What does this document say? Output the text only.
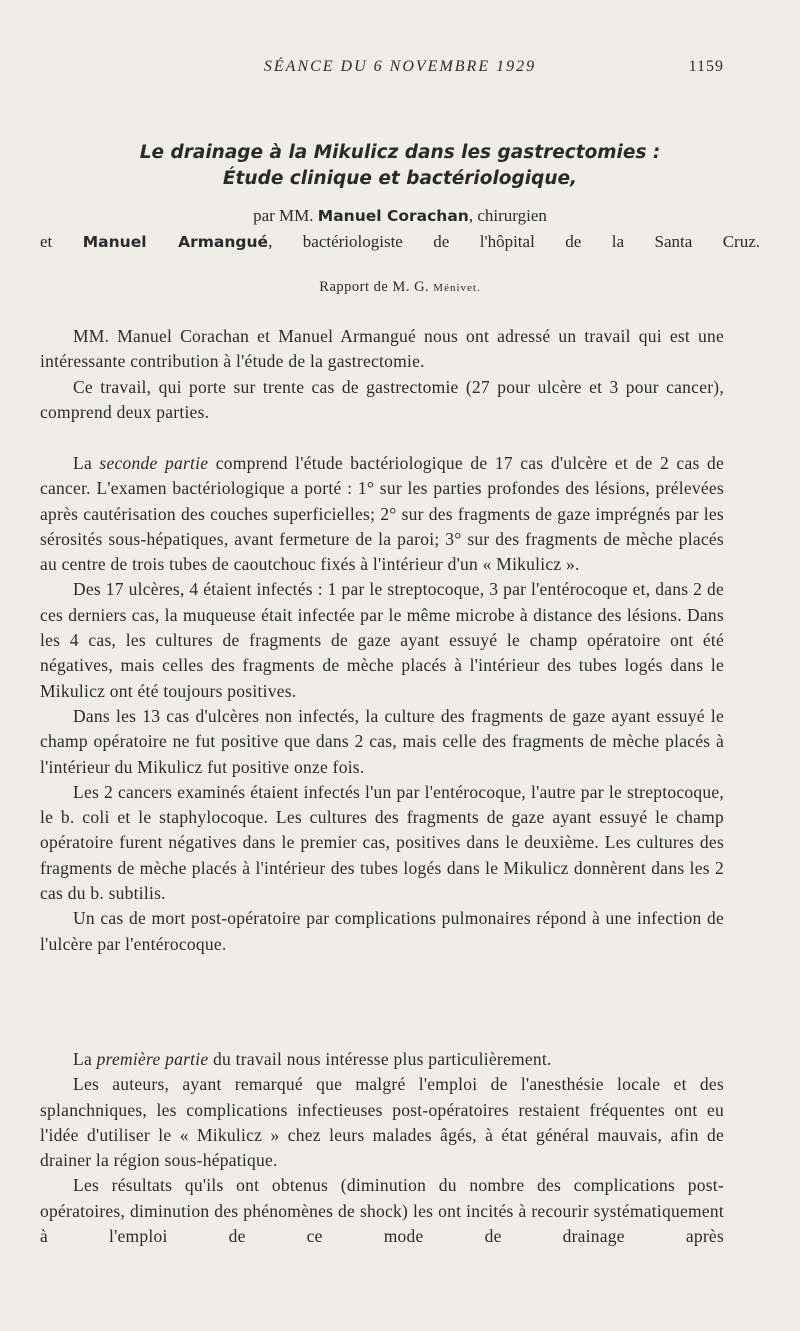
SÉANCE DU 6 NOVEMBRE 1929	1159

Le drainage à la Mikulicz dans les gastrectomies :

Étude clinique et bactériologique,

par MM. Manuel Corachan, chirurgien
et Manuel Armangué, bactériologiste de l'hôpital de la Santa Cruz.
Rapport de M. G. Ménivet.

MM. Manuel Corachan et Manuel Armangué nous ont adressé un travail qui est une intéressante contribution à l'étude de la gastrectomie.

Ce travail, qui porte sur trente cas de gastrectomie (27 pour ulcère et 3 pour cancer), comprend deux parties.

La seconde partie comprend l'étude bactériologique de 17 cas d'ulcère et de 2 cas de cancer. L'examen bactériologique a porté : 1° sur les parties profondes des lésions, prélevées après cautérisation des couches superficielles; 2° sur des fragments de gaze imprégnés par les sérosités sous-hépatiques, avant fermeture de la paroi; 3° sur des fragments de mèche placés au centre de trois tubes de caoutchouc fixés à l'intérieur d'un « Mikulicz ».

Des 17 ulcères, 4 étaient infectés : 1 par le streptocoque, 3 par l'entérocoque et, dans 2 de ces derniers cas, la muqueuse était infectée par le même microbe à distance des lésions. Dans les 4 cas, les cultures de fragments de gaze ayant essuyé le champ opératoire ont été négatives, mais celles des fragments de mèche placés à l'intérieur des tubes logés dans le Mikulicz ont été toujours positives.

Dans les 13 cas d'ulcères non infectés, la culture des fragments de gaze ayant essuyé le champ opératoire ne fut positive que dans 2 cas, mais celle des fragments de mèche placés à l'intérieur du Mikulicz fut positive onze fois.

Les 2 cancers examinés étaient infectés l'un par l'entérocoque, l'autre par le streptocoque, le b. coli et le staphylocoque. Les cultures des fragments de gaze ayant essuyé le champ opératoire furent négatives dans le premier cas, positives dans le deuxième. Les cultures des fragments de mèche placés à l'intérieur des tubes logés dans le Mikulicz donnèrent dans les 2 cas du b. subtilis.

Un cas de mort post-opératoire par complications pulmonaires répond à une infection de l'ulcère par l'entérocoque.

La première partie du travail nous intéresse plus particulièrement.

Les auteurs, ayant remarqué que malgré l'emploi de l'anesthésie locale et des splanchniques, les complications infectieuses post-opératoires restaient fréquentes ont eu l'idée d'utiliser le « Mikulicz » chez leurs malades âgés, à état général mauvais, afin de drainer la région sous-hépatique.

Les résultats qu'ils ont obtenus (diminution du nombre des complications post-opératoires, diminution des phénomènes de shock) les ont incités à recourir systématiquement à l'emploi de ce mode de drainage après
